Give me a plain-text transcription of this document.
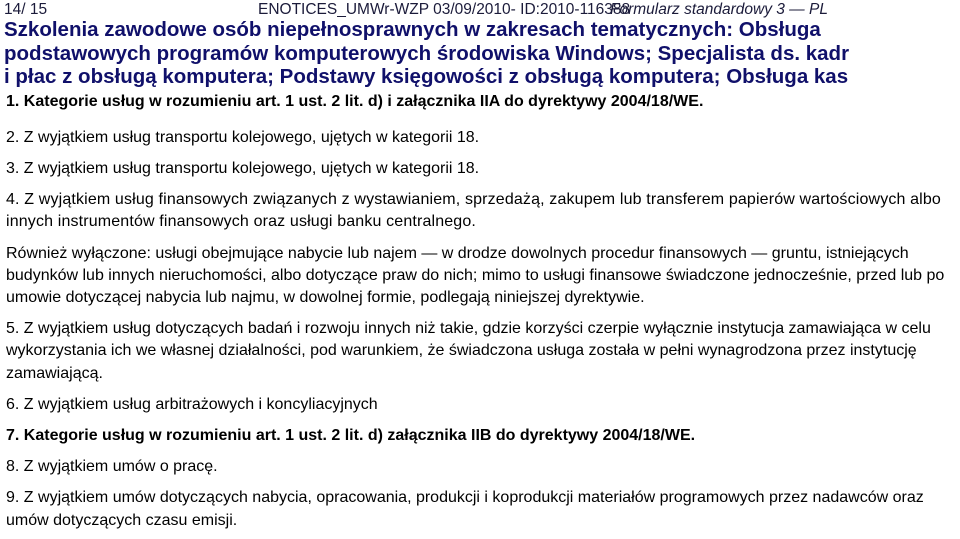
14/ 15	ENOTICES_UMWr-WZP 03/09/2010- ID:2010-116388
Formularz standardowy 3 — PL
Szkolenia zawodowe osób niepełnosprawnych w zakresach tematycznych: Obsługa
podstawowych programów komputerowych środowiska Windows; Specjalista ds. kadr
i płac z obsługą komputera; Podstawy księgowości z obsługą komputera; Obsługa kas

1. Kategorie usług w rozumieniu art. 1 ust. 2 lit. d) i załącznika IIA do dyrektywy 2004/18/WE.

2. Z wyjątkiem usług transportu kolejowego, ujętych w kategorii 18.

3. Z wyjątkiem usług transportu kolejowego, ujętych w kategorii 18.

4. Z wyjątkiem usług finansowych związanych z wystawianiem, sprzedażą, zakupem lub transferem papierów wartościowych albo innych instrumentów finansowych oraz usługi banku centralnego.

Również wyłączone: usługi obejmujące nabycie lub najem — w drodze dowolnych procedur finansowych — gruntu, istniejących budynków lub innych nieruchomości, albo dotyczące praw do nich; mimo to usługi finansowe świadczone jednocześnie, przed lub po umowie dotyczącej nabycia lub najmu, w dowolnej formie, podlegają niniejszej dyrektywie.

5. Z wyjątkiem usług dotyczących badań i rozwoju innych niż takie, gdzie korzyści czerpie wyłącznie instytucja zamawiająca w celu wykorzystania ich we własnej działalności, pod warunkiem, że świadczona usługa została w pełni wynagrodzona przez instytucję zamawiającą.

6. Z wyjątkiem usług arbitrażowych i koncyliacyjnych

7. Kategorie usług w rozumieniu art. 1 ust. 2 lit. d) załącznika IIB do dyrektywy 2004/18/WE.

8. Z wyjątkiem umów o pracę.

9. Z wyjątkiem umów dotyczących nabycia, opracowania, produkcji i koprodukcji materiałów programowych przez nadawców oraz umów dotyczących czasu emisji.
